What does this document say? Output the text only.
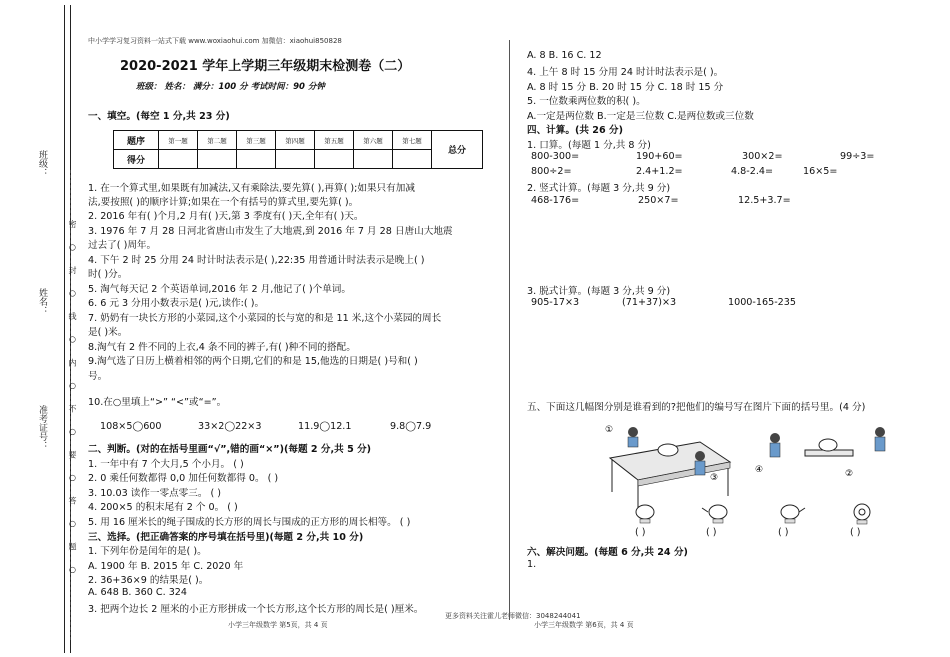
班级：
姓名：
准考证号：	密 ○ 封 ○ 线 ○ 内 ○ 不 ○ 要 ○ 答 ○ 题 ○
中小学学习复习资料一站式下载 www.woxiaohui.com 加微信：xiaohui850828
2020-2021 学年上学期三年级期末检测卷（二）
班级： 姓名： 满分：100 分 考试时间：90 分钟
一、填空。(每空 1 分,共 23 分)
题序	第一题	第二题	第三题	第四题	第五题	第六题	第七题	总分
得分								
1. 在一个算式里,如果既有加减法,又有乘除法,要先算( ),再算( );如果只有加减
法,要按照( )的顺序计算;如果在一个有括号的算式里,要先算( )。
2. 2016 年有( )个月,2 月有( )天,第 3 季度有( )天,全年有( )天。
3. 1976 年 7 月 28 日河北省唐山市发生了大地震,到 2016 年 7 月 28 日唐山大地震
过去了( )周年。
4. 下午 2 时 25 分用 24 时计时法表示是( ),22:35 用普通计时法表示是晚上( )
时( )分。
5. 淘气每天记 2 个英语单词,2016 年 2 月,他记了( )个单词。
6. 6 元 3 分用小数表示是( )元,读作:( )。
7. 奶奶有一块长方形的小菜园,这个小菜园的长与宽的和是 11 米,这个小菜园的周长
是( )米。
8.淘气有 2 件不同的上衣,4 条不同的裤子,有( )种不同的搭配。
9.淘气选了日历上横着相邻的两个日期,它们的和是 15,他选的日期是( )号和( )
号。
10.在○里填上“>” “<”或“=”。
108×5◯600	33×2◯22×3	11.9◯12.1	9.8◯7.9
二、判断。(对的在括号里画“√”,错的画“×”)(每题 2 分,共 5 分)
1. 一年中有 7 个大月,5 个小月。 ( )
2. 0 乘任何数都得 0,0 加任何数都得 0。 ( )
3. 10.03 读作一零点零三。 ( )
4. 200×5 的积末尾有 2 个 0。 ( )
5. 用 16 厘米长的绳子围成的长方形的周长与围成的正方形的周长相等。 ( )
三、选择。(把正确答案的序号填在括号里)(每题 2 分,共 10 分)
1. 下列年份是闰年的是( )。
A. 1900 年 B. 2015 年 C. 2020 年
2. 36+36×9 的结果是( )。
A. 648 B. 360 C. 324
3. 把两个边长 2 厘米的小正方形拼成一个长方形,这个长方形的周长是( )厘米。
小学三年级数学 第5页，共 4 页
更多资料关注霍儿老师微信：3048244041
小学三年级数学 第6页，共 4 页
A. 8 B. 16 C. 12
4. 上午 8 时 15 分用 24 时计时法表示是( )。
A. 8 时 15 分 B. 20 时 15 分 C. 18 时 15 分
5. 一位数乘两位数的积( )。
A.一定是两位数 B.一定是三位数 C.是两位数或三位数
四、计算。(共 26 分)
1. 口算。(每题 1 分,共 8 分)
800-300=	190+60=	300×2=	99÷3=
800÷2=	2.4+1.2=	4.8-2.4=	16×5=
2. 竖式计算。(每题 3 分,共 9 分)
468-176=	250×7=	12.5+3.7=
3. 脱式计算。(每题 3 分,共 9 分)
905-17×3	(71+37)×3	1000-165-235
五、下面这几幅图分别是谁看到的?把他们的编号写在图片下面的括号里。(4 分)
①
③
④	②
( )	( )	( )	( )
六、解决问题。(每题 6 分,共 24 分)
1.
